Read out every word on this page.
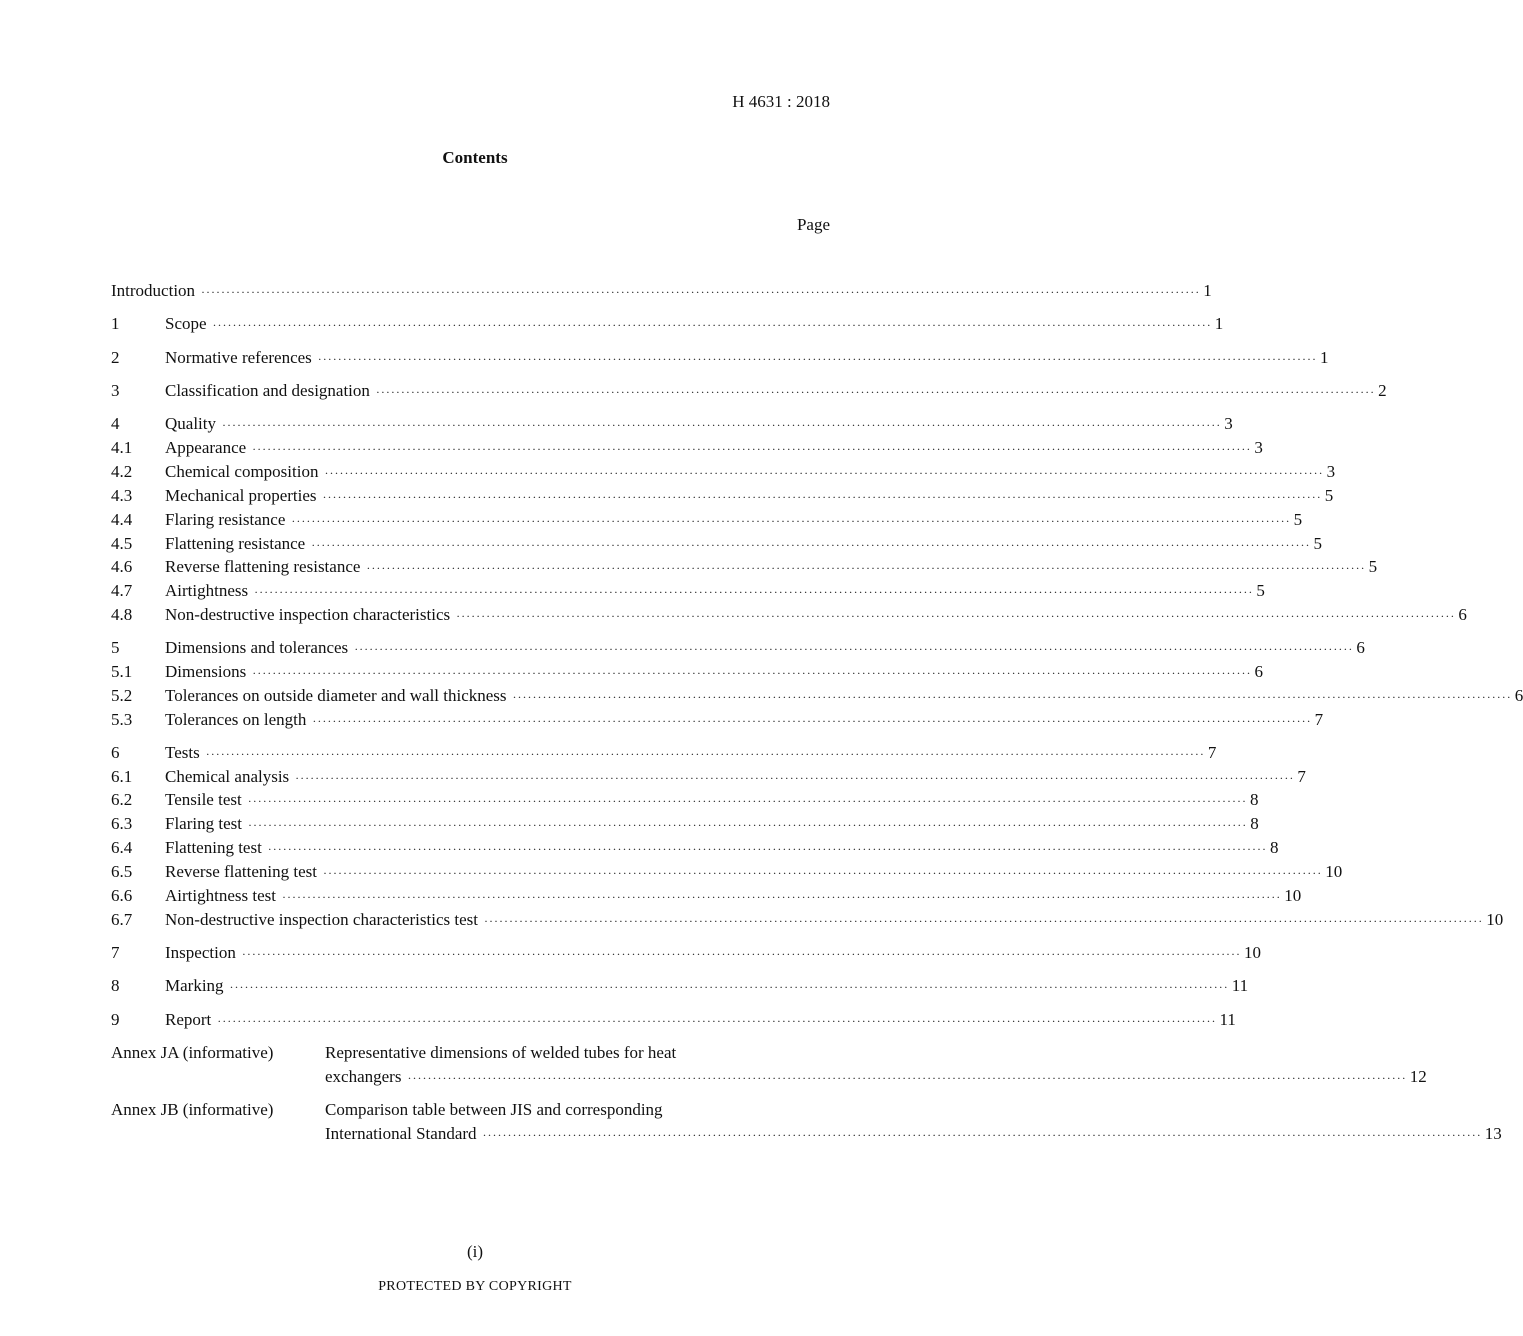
H 4631 : 2018
Contents
Page
Introduction ········································································································································································································ 1
1	Scope ········································································································································································································ 1
2	Normative references ········································································································································································································ 1
3	Classification and designation ········································································································································································································ 2
4	Quality ········································································································································································································ 3
4.1	Appearance ········································································································································································································ 3
4.2	Chemical composition ········································································································································································································ 3
4.3	Mechanical properties ········································································································································································································ 5
4.4	Flaring resistance ········································································································································································································ 5
4.5	Flattening resistance ········································································································································································································ 5
4.6	Reverse flattening resistance ········································································································································································································ 5
4.7	Airtightness ········································································································································································································ 5
4.8	Non-destructive inspection characteristics ········································································································································································································ 6
5	Dimensions and tolerances ········································································································································································································ 6
5.1	Dimensions ········································································································································································································ 6
5.2	Tolerances on outside diameter and wall thickness ········································································································································································································ 6
5.3	Tolerances on length ········································································································································································································ 7
6	Tests ········································································································································································································ 7
6.1	Chemical analysis ········································································································································································································ 7
6.2	Tensile test ········································································································································································································ 8
6.3	Flaring test ········································································································································································································ 8
6.4	Flattening test ········································································································································································································ 8
6.5	Reverse flattening test ········································································································································································································ 10
6.6	Airtightness test ········································································································································································································ 10
6.7	Non-destructive inspection characteristics test ········································································································································································································ 10
7	Inspection ········································································································································································································ 10
8	Marking ········································································································································································································ 11
9	Report ········································································································································································································ 11
Annex JA (informative)	Representative dimensions of welded tubes for heat
exchangers ········································································································································································································ 12
Annex JB (informative)	Comparison table between JIS and corresponding
International Standard ········································································································································································································ 13
(i)
PROTECTED BY COPYRIGHT
